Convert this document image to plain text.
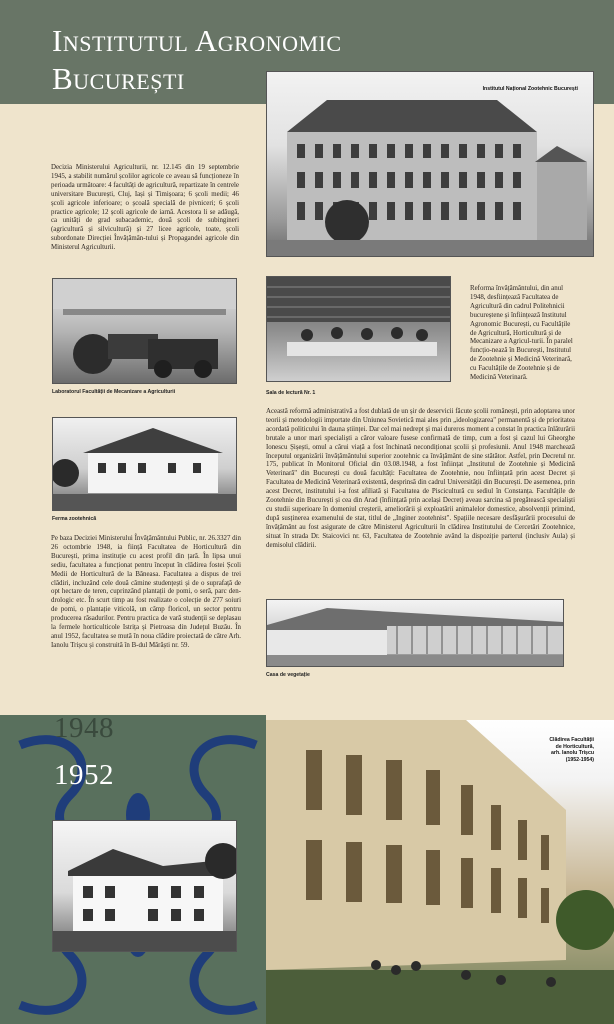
Institutul Agronomic
București	Institutul Național Zootehnic București

Decizia Ministerului Agriculturii, nr. 12.145 din 19 septembrie 1945, a stabilit numărul școlilor agricole ce aveau să funcționeze în perioada următoare: 4 facultăți de agricultură, repartizate în centrele universitare București, Cluj, Iași și Timișoara; 6 școli medii; 46 școli agricole inferioare; o școală specială de pivniceri; 6 școli practice agricole; 12 școli agricole de iarnă. Acestora li se adăugă, ca unități de grad subacademic, două școli de subingineri (agricultură și silvicultură) și 27 licee agricole, toate, școli subordonate Direcției Învățămân-tului și Propagandei agricole din Ministerul Agriculturii.

Laboratorul Facultății de Mecanizare a Agriculturii	Sala de lectură Nr. 1

Reforma învățământului, din anul 1948, desființează Facultatea de Agricultură din cadrul Politehnicii bucureștene și înființează Institutul Agronomic București, cu Facultățile de Agricultură, Horticultură și de Mecanizare a Agricul-turii. În paralel funcțio-nează în București, Institutul de Zootehnie și Medicină Veterinară, cu Facultățile de Zootehnie și de Medicină Veterinară.

Ferma zootehnică

Această reformă administrativă a fost dublată de un șir de deservicii făcute școlii românești, prin adoptarea unor teorii și metodologii importate din Uniunea Sovietică mai ales prin „ideologizarea" permanentă și de prioritatea acordată politicului în dauna științei. Dar cel mai nedrept și mai dureros moment a constat în practica înlăturării brutale a unor mari specialiști a căror valoare fusese confirmată de timp, cum a fost și cazul lui Gheorghe Ionescu Șișești, omul a cărui viață a fost închinată necondiționat școlii și profesiunii. Anul 1948 marchează începutul organizării învățământului superior zootehnic ca învățământ de sine stătător. Astfel, prin Decretul nr. 175, publicat în Monitorul Oficial din 03.08.1948, a fost înființat „Institutul de Zootehnie și Medicină Veterinară" din București cu două facultăți: Facultatea de Zootehnie, nou înființată prin acest Decret și Facultatea de Medicină Veterinară existentă, desprinsă din cadrul Universității din București. De asemenea, prin acest Decret, institutului i-a fost afiliată și Facultatea de Piscicultură cu sediul în Constanța. Facultățile de Zootehnie din București și cea din Arad (înființată prin același Decret) aveau sarcina să pregătească specialiști cu studii superioare în domeniul creșterii, ameliorării și exploatării animalelor domestice, absolvenții primind, după susținerea examenului de stat, titlul de „Inginer zootehnist". Spațiile necesare desfășurării procesului de învățământ au fost asigurate de către Ministerul Agriculturii în clădirea Institutului de Cercetări Zootehnice, situat în strada Dr. Staicovici nr. 63, Facultatea de Zootehnie având la dispoziție parterul (inclusiv Aula) și demisolul clădirii.

Pe baza Deciziei Ministerului Învățământului Public, nr. 26.3327 din 26 octombrie 1948, ia ființă Facultatea de Horticultură din București, prima instituție cu acest profil din țară. În lipsa unui sediu, facultatea a funcționat pentru început în clădirea fostei Școli Medii de Horticultură de la Băneasa. Facultatea a dispus de trei clădiri, incluzând cele două cămine studențești și de o suprafață de opt hectare de teren, cuprinzând plantații de pomi, o seră, parc den-drologic etc. În scurt timp au fost realizate o colecție de 277 soiuri de pomi, o plantație viticolă, un câmp floricol, un sector pentru producerea răsadurilor. Pentru practica de vară studenții se deplasau la fermele horticulticole Istrița și Pietroasa din Județul Buzău. În anul 1952, facultatea se mută în noua clădire proiectată de către Arh. Ianolu Trișcu și construită în B-dul Mărăști nr. 59.

Casa de vegetație
1948
1952
Clădirea Facultății
de Horticultură,
arh. Ianolu Trișcu
(1952-1954)
